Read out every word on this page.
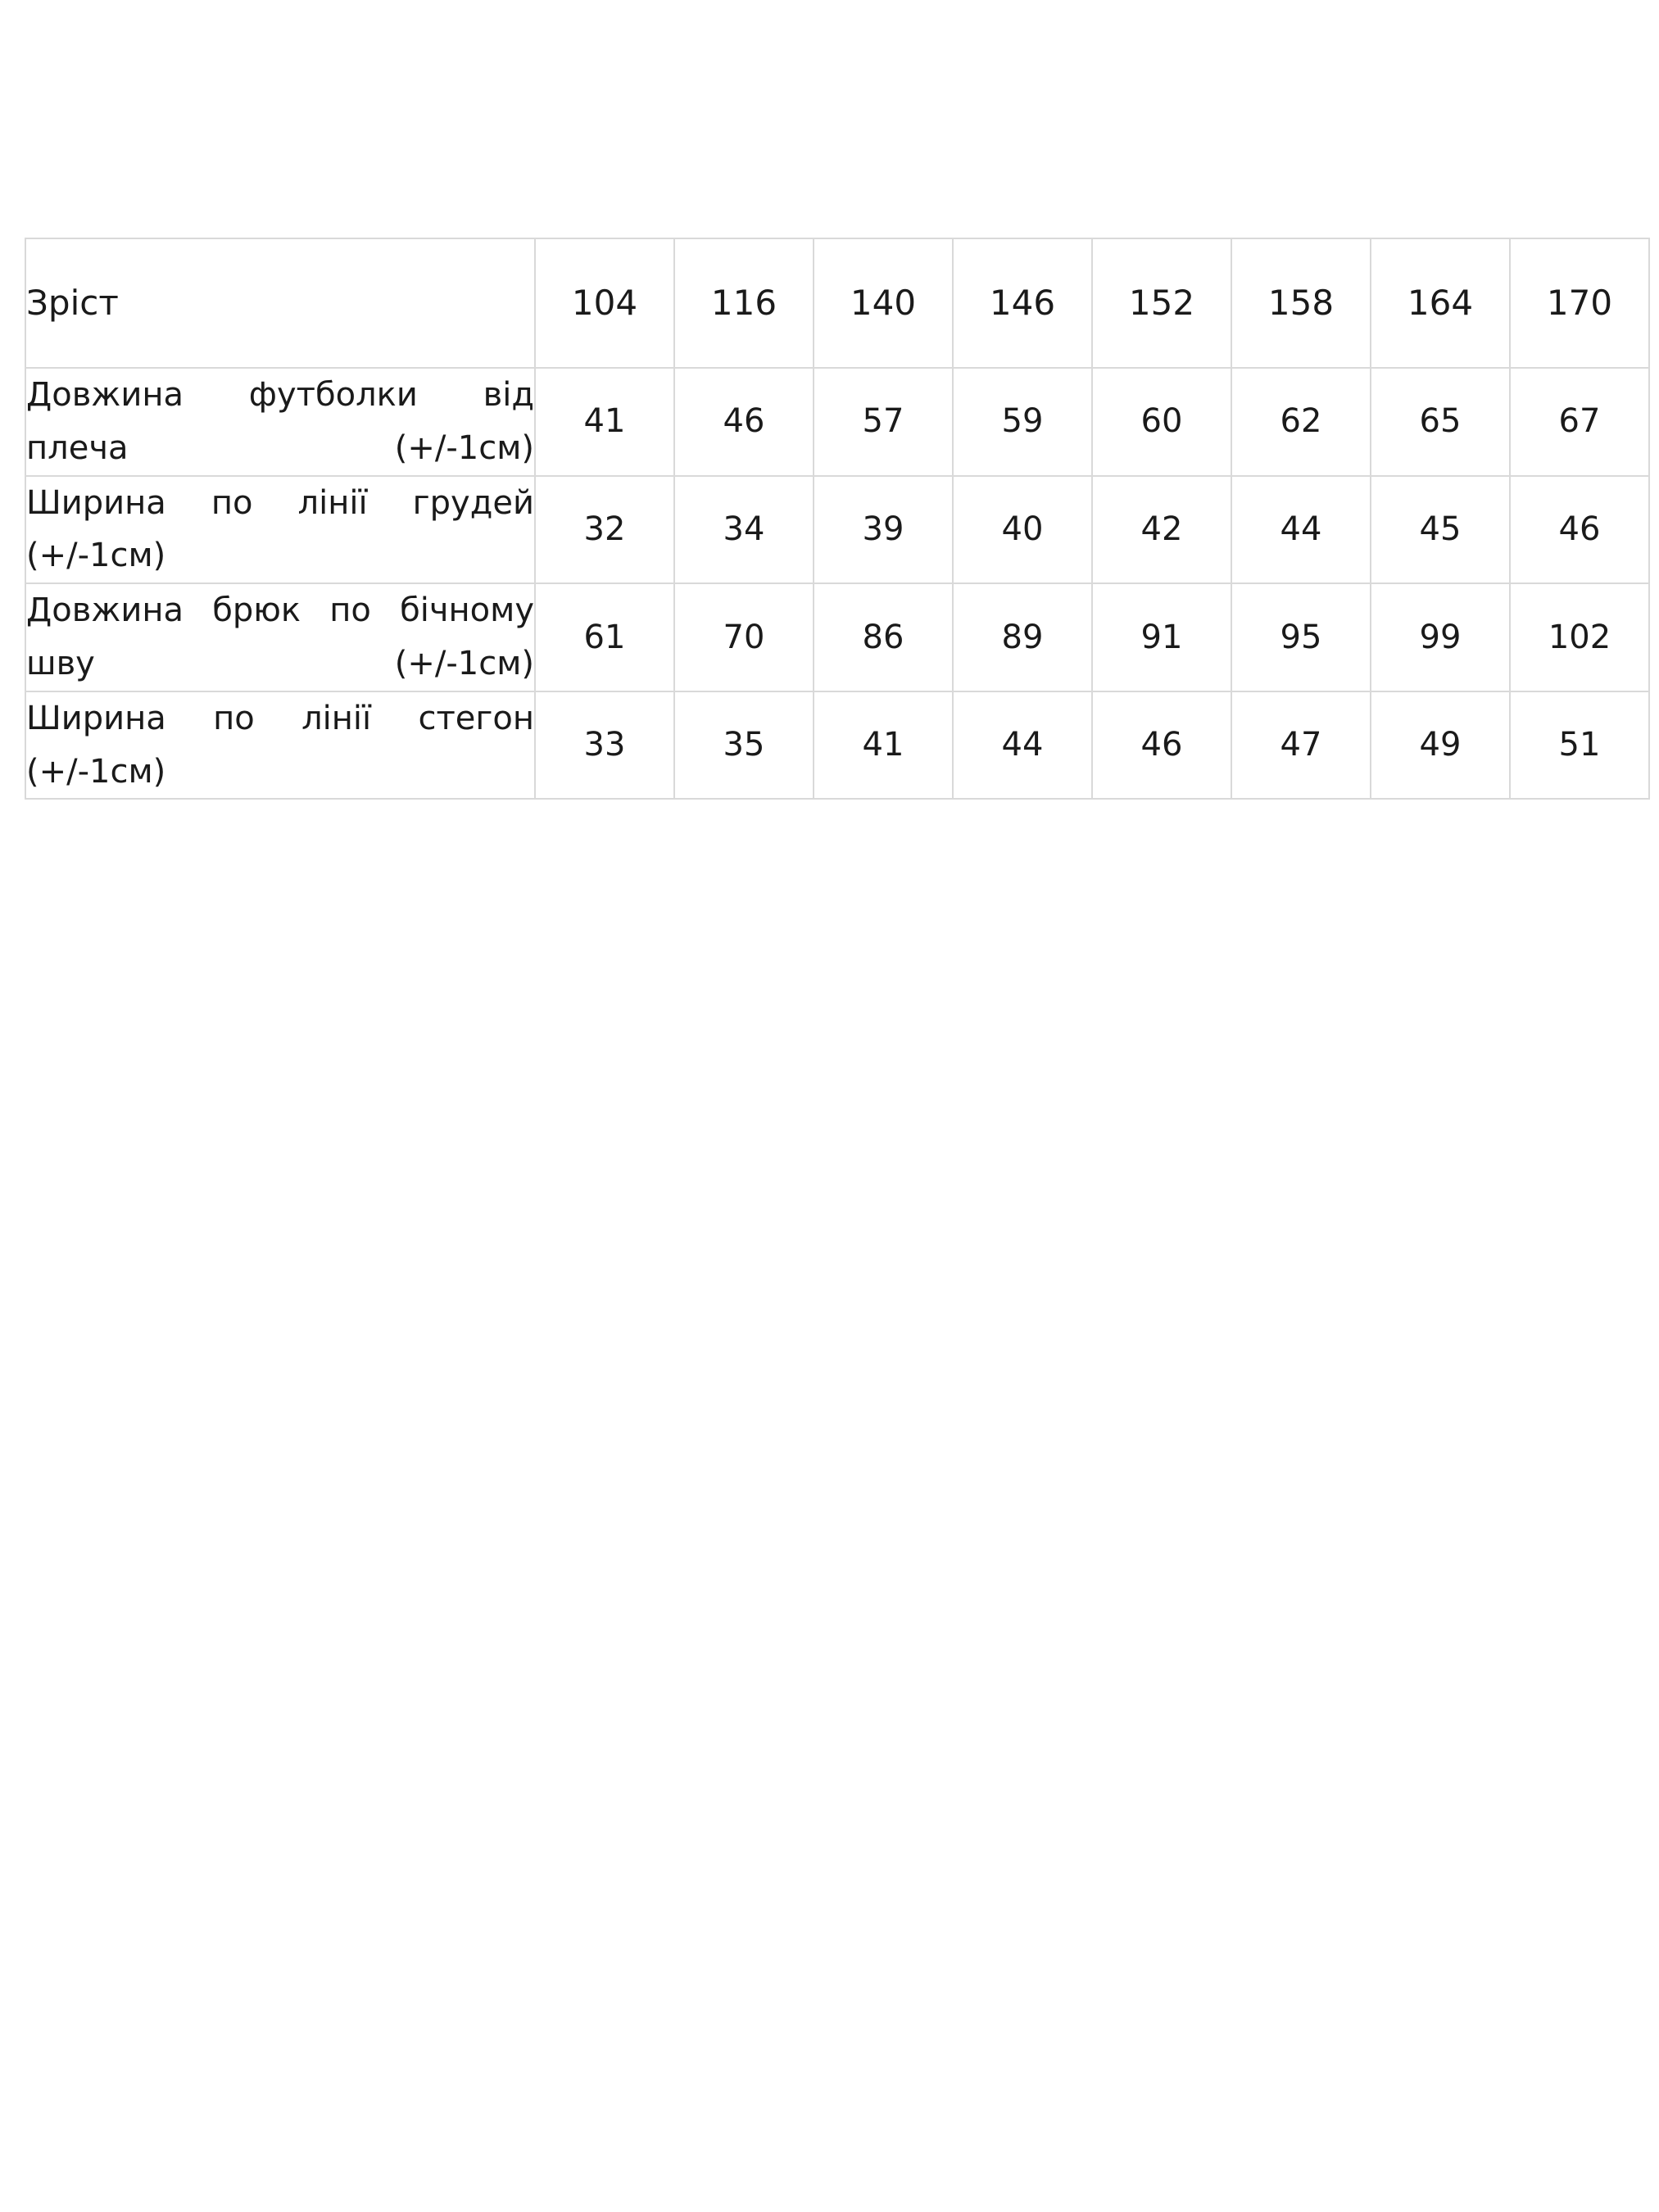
Зріст	104	116	140	146	152	158	164	170

Довжина футболки від плеча (+/-1см)	41	46	57	59	60	62	65	67

Ширина по лінії грудей (+/-1см)	32	34	39	40	42	44	45	46

Довжина брюк по бічному шву (+/-1см)	61	70	86	89	91	95	99	102

Ширина по лінії стегон (+/-1см)	33	35	41	44	46	47	49	51
